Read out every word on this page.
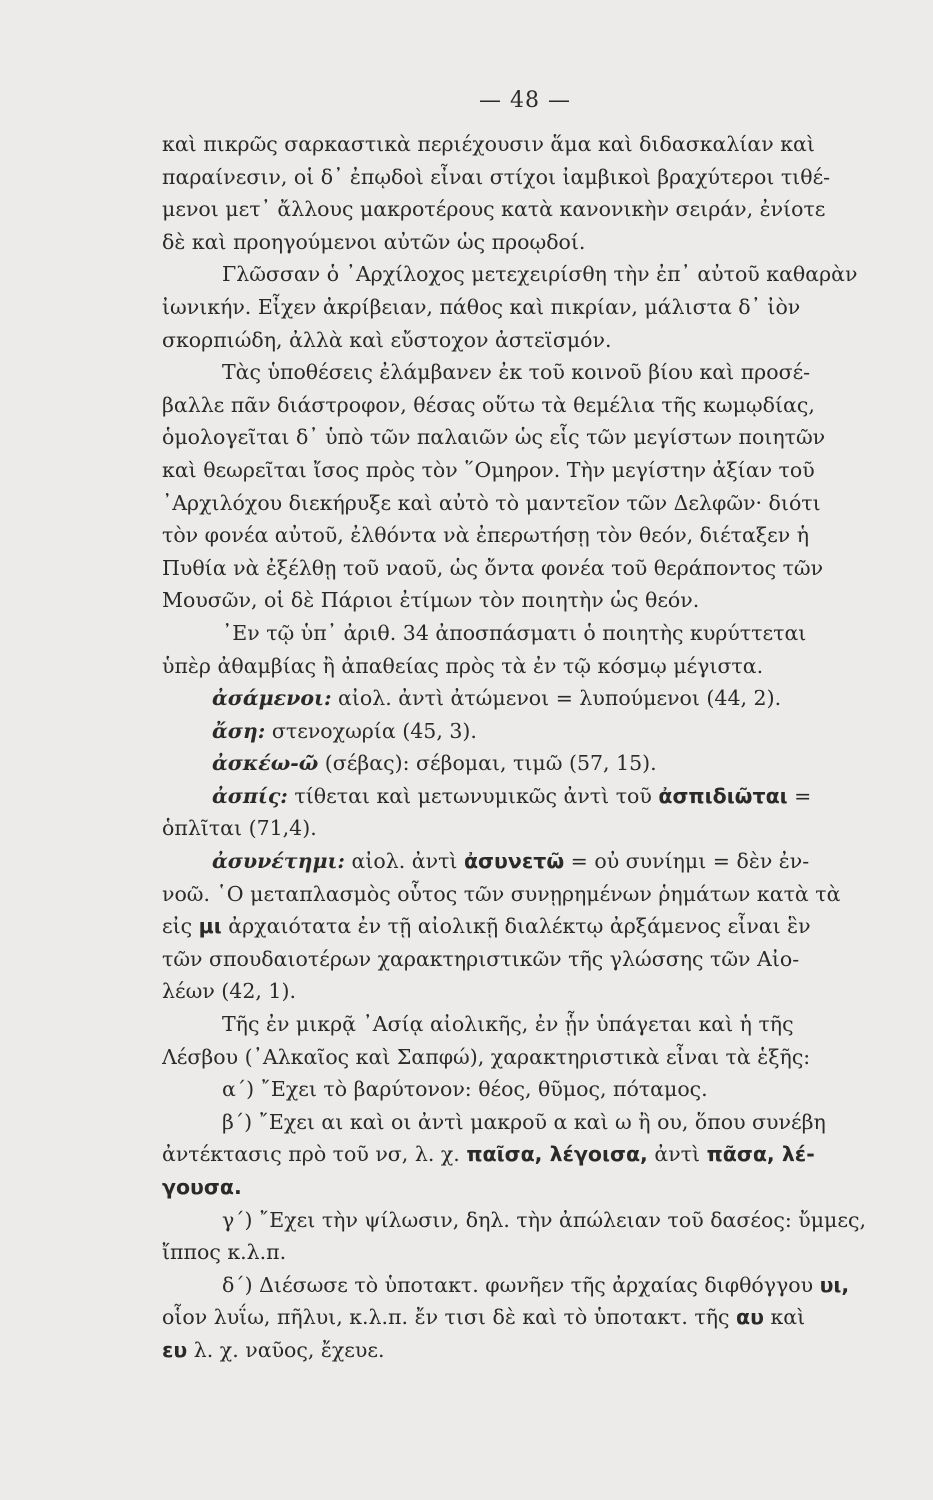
— 48 —
καὶ πικρῶς σαρκαστικὰ περιέχουσιν ἅμα καὶ διδασκαλίαν καὶ
παραίνεσιν, οἱ δ᾽ ἐπῳδοὶ εἶναι στίχοι ἰαμβικοὶ βραχύτεροι τιθέ-
μενοι μετ᾽ ἄλλους μακροτέρους κατὰ κανονικὴν σειράν, ἐνίοτε
δὲ καὶ προηγούμενοι αὐτῶν ὡς προῳδοί.
Γλῶσσαν ὁ ᾽Αρχίλοχος μετεχειρίσθη τὴν ἐπ᾽ αὐτοῦ καθαρὰν
ἰωνικήν. Εἶχεν ἀκρίβειαν, πάθος καὶ πικρίαν, μάλιστα δ᾽ ἰὸν
σκορπιώδη, ἀλλὰ καὶ εὔστοχον ἀστεϊσμόν.
Τὰς ὑποθέσεις ἐλάμβανεν ἐκ τοῦ κοινοῦ βίου καὶ προσέ-
βαλλε πᾶν διάστροφον, θέσας οὕτω τὰ θεμέλια τῆς κωμῳδίας,
ὁμολογεῖται δ᾽ ὑπὸ τῶν παλαιῶν ὡς εἷς τῶν μεγίστων ποιητῶν
καὶ θεωρεῖται ἴσος πρὸς τὸν ῞Ομηρον. Τὴν μεγίστην ἀξίαν τοῦ
᾽Αρχιλόχου διεκήρυξε καὶ αὐτὸ τὸ μαντεῖον τῶν Δελφῶν· διότι
τὸν φονέα αὐτοῦ, ἐλθόντα νὰ ἐπερωτήσῃ τὸν θεόν, διέταξεν ἡ
Πυθία νὰ ἐξέλθῃ τοῦ ναοῦ, ὡς ὄντα φονέα τοῦ θεράποντος τῶν
Μουσῶν, οἱ δὲ Πάριοι ἐτίμων τὸν ποιητὴν ὡς θεόν.
᾽Εν τῷ ὑπ᾽ ἀριθ. 34 ἀποσπάσματι ὁ ποιητὴς κυρύττεται
ὑπὲρ ἀθαμβίας ἢ ἀπαθείας πρὸς τὰ ἐν τῷ κόσμῳ μέγιστα.
ἀσάμενοι: αἰολ. ἀντὶ ἀτώμενοι = λυπούμενοι (44, 2).
ἄση: στενοχωρία (45, 3).
ἀσκέω-ῶ (σέβας): σέβομαι, τιμῶ (57, 15).
ἀσπίς: τίθεται καὶ μετωνυμικῶς ἀντὶ τοῦ ἀσπιδιῶται =
ὁπλῖται (71,4).
ἀσυνέτημι: αἰολ. ἀντὶ ἀσυνετῶ = οὐ συνίημι = δὲν ἐν-
νοῶ. ῾Ο μεταπλασμὸς οὗτος τῶν συνῃρημένων ῥημάτων κατὰ τὰ
εἰς μι ἀρχαιότατα ἐν τῇ αἰολικῇ διαλέκτῳ ἀρξάμενος εἶναι ἓν
τῶν σπουδαιοτέρων χαρακτηριστικῶν τῆς γλώσσης τῶν Αἰο-
λέων (42, 1).
Τῆς ἐν μικρᾷ ᾽Ασίᾳ αἰολικῆς, ἐν ᾗν ὑπάγεται καὶ ἡ τῆς
Λέσβου (᾽Αλκαῖος καὶ Σαπφώ), χαρακτηριστικὰ εἶναι τὰ ἑξῆς:
α΄) ῎Εχει τὸ βαρύτονον: θέος, θῦμος, πόταμος.
β΄) ῎Εχει αι καὶ οι ἀντὶ μακροῦ α καὶ ω ἢ ου, ὅπου συνέβη
ἀντέκτασις πρὸ τοῦ νσ, λ. χ. παῖσα, λέγοισα, ἀντὶ πᾶσα, λέ-
γουσα.
γ΄) ῎Εχει τὴν ψίλωσιν, δηλ. τὴν ἀπώλειαν τοῦ δασέος: ὔμμες,
ἴππος κ.λ.π.
δ΄) Διέσωσε τὸ ὑποτακτ. φωνῆεν τῆς ἀρχαίας διφθόγγου υι,
οἷον λυΐω, πῆλυι, κ.λ.π. ἔν τισι δὲ καὶ τὸ ὑποτακτ. τῆς αυ καὶ
ευ λ. χ. ναῦος, ἔχευε.
